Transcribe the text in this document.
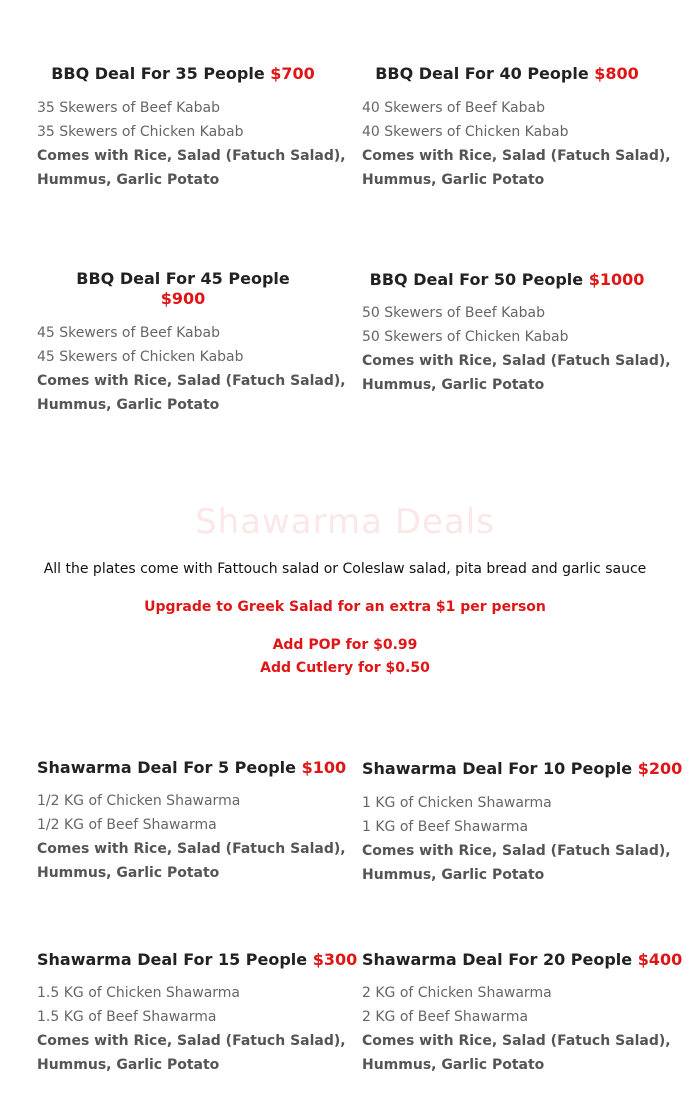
BBQ Deal For 35 People $700
35 Skewers of Beef Kabab
35 Skewers of Chicken Kabab
Comes with Rice, Salad (Fatuch Salad),
Hummus, Garlic Potato
BBQ Deal For 40 People $800
40 Skewers of Beef Kabab
40 Skewers of Chicken Kabab
Comes with Rice, Salad (Fatuch Salad),
Hummus, Garlic Potato
BBQ Deal For 45 People
$900
45 Skewers of Beef Kabab
45 Skewers of Chicken Kabab
Comes with Rice, Salad (Fatuch Salad),
Hummus, Garlic Potato
BBQ Deal For 50 People $1000
50 Skewers of Beef Kabab
50 Skewers of Chicken Kabab
Comes with Rice, Salad (Fatuch Salad),
Hummus, Garlic Potato
Shawarma Deals
All the plates come with Fattouch salad or Coleslaw salad, pita bread and garlic sauce
Upgrade to Greek Salad for an extra $1 per person
Add POP for $0.99
Add Cutlery for $0.50
Shawarma Deal For 5 People $100
1/2 KG of Chicken Shawarma
1/2 KG of Beef Shawarma
Comes with Rice, Salad (Fatuch Salad),
Hummus, Garlic Potato
Shawarma Deal For 10 People $200
1 KG of Chicken Shawarma
1 KG of Beef Shawarma
Comes with Rice, Salad (Fatuch Salad),
Hummus, Garlic Potato
Shawarma Deal For 15 People $300
1.5 KG of Chicken Shawarma
1.5 KG of Beef Shawarma
Comes with Rice, Salad (Fatuch Salad),
Hummus, Garlic Potato
Shawarma Deal For 20 People $400
2 KG of Chicken Shawarma
2 KG of Beef Shawarma
Comes with Rice, Salad (Fatuch Salad),
Hummus, Garlic Potato
